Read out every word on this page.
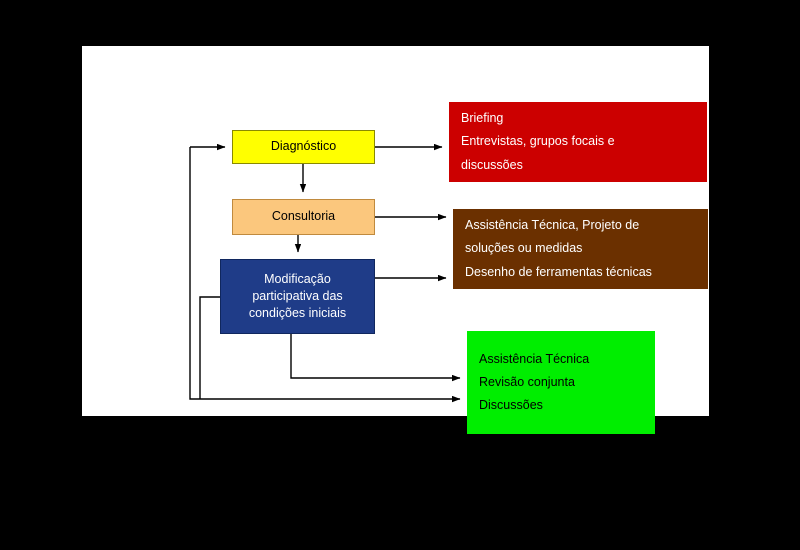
Diagnóstico
Consultoria
Modificação
participativa das
condições iniciais

Briefing

Entrevistas, grupos focais e

discussões

Assistência Técnica, Projeto de

soluções ou medidas

Desenho de ferramentas técnicas

Assistência Técnica

Revisão conjunta

Discussões
